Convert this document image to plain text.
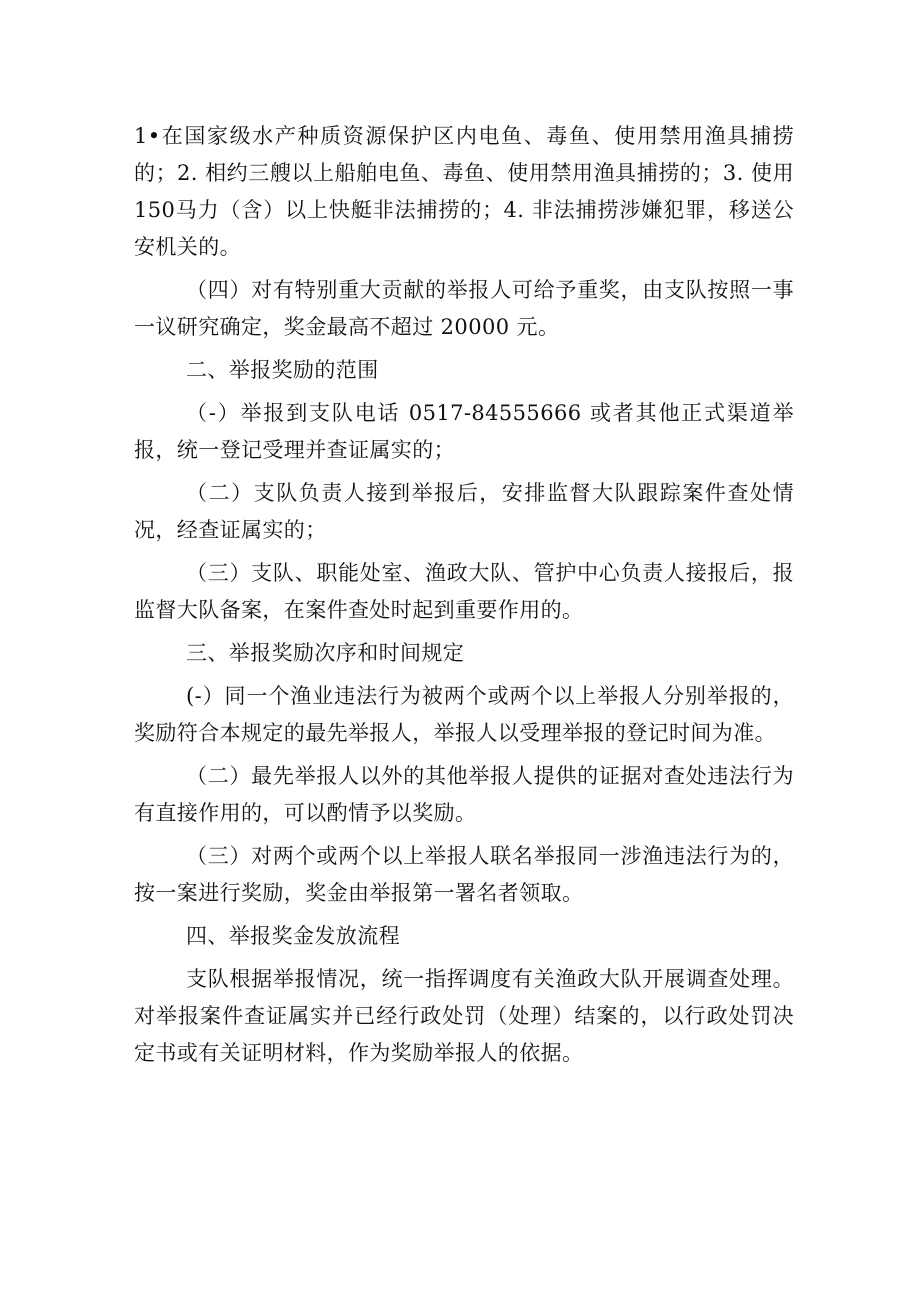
1•在国家级水产种质资源保护区内电鱼、毒鱼、使用禁用渔具捕捞的；2. 相约三艘以上船舶电鱼、毒鱼、使用禁用渔具捕捞的；3. 使用 150马力（含）以上快艇非法捕捞的；4. 非法捕捞涉嫌犯罪，移送公安机关的。

（四）对有特别重大贡献的举报人可给予重奖，由支队按照一事一议研究确定，奖金最高不超过 20000 元。

二、举报奖励的范围

（-）举报到支队电话 0517-84555666 或者其他正式渠道举报，统一登记受理并查证属实的；

（二）支队负责人接到举报后，安排监督大队跟踪案件查处情况，经查证属实的；

（三）支队、职能处室、渔政大队、管护中心负责人接报后，报监督大队备案，在案件查处时起到重要作用的。

三、举报奖励次序和时间规定

(-）同一个渔业违法行为被两个或两个以上举报人分别举报的，奖励符合本规定的最先举报人，举报人以受理举报的登记时间为准。

（二）最先举报人以外的其他举报人提供的证据对查处违法行为有直接作用的，可以酌情予以奖励。

（三）对两个或两个以上举报人联名举报同一涉渔违法行为的，按一案进行奖励，奖金由举报第一署名者领取。

四、举报奖金发放流程

支队根据举报情况，统一指挥调度有关渔政大队开展调查处理。对举报案件查证属实并已经行政处罚（处理）结案的，以行政处罚决定书或有关证明材料，作为奖励举报人的依据。
